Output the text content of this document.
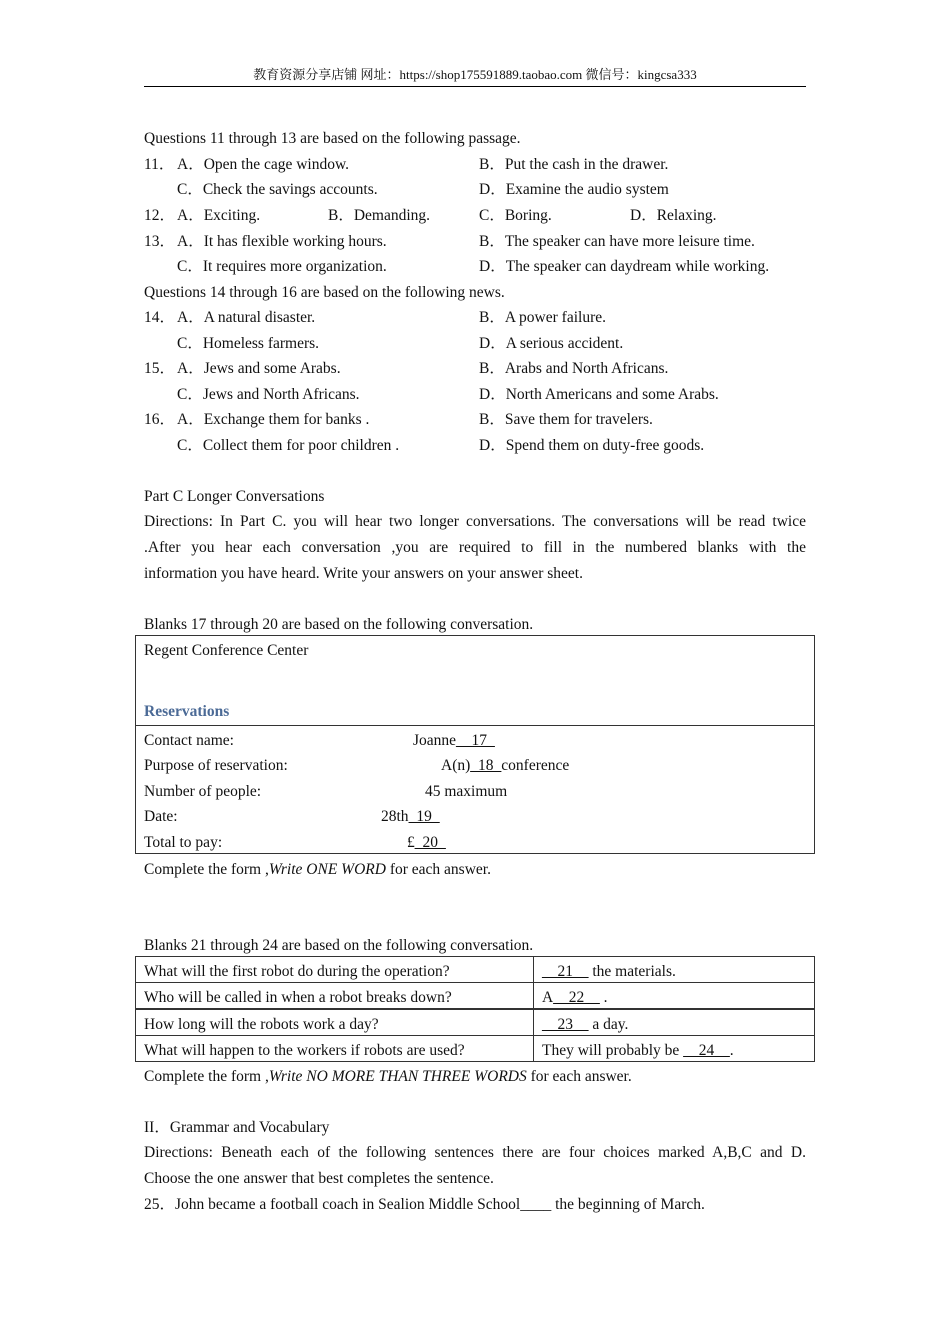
教育资源分享店铺 网址：https://shop175591889.taobao.com 微信号：kingcsa333
Questions 11 through 13 are based on the following passage.
11． A．Open the cage window.	B．Put the cash in the drawer.
C．Check the savings accounts.	D．Examine the audio system
12． A．Exciting.	B．Demanding.	C．Boring.	D．Relaxing.
13． A．It has flexible working hours.	B．The speaker can have more leisure time.
C．It requires more organization.	D．The speaker can daydream while working.
Questions 14 through 16 are based on the following news.
14． A．A natural disaster.	B．A power failure.
C．Homeless farmers.	D．A serious accident.
15． A．Jews and some Arabs.	B．Arabs and North Africans.
C．Jews and North Africans.	D．North Americans and some Arabs.
16． A．Exchange them for banks .	B．Save them for travelers.
C．Collect them for poor children .	D．Spend them on duty-free goods.
Part C Longer Conversations
Directions: In Part C. you will hear two longer conversations. The conversations will be read twice
.After you hear each conversation ,you are required to fill in the numbered blanks with the
information you have heard. Write your answers on your answer sheet.
Blanks 17 through 20 are based on the following conversation.
Regent Conference Center
Reservations
Contact name:	Joanne__17_
Purpose of reservation:	A(n)_18_conference
Number of people:	45 maximum
Date:	28th_19_
Total to pay:	£_20_
Complete the form ,Write ONE WORD for each answer.
Blanks 21 through 24 are based on the following conversation.
What will the first robot do during the operation?	__21__ the materials.
Who will be called in when a robot breaks down?	A__22__ .
How long will the robots work a day?	__23__ a day.
What will happen to the workers if robots are used?	They will probably be __24__.
Complete the form ,Write NO MORE THAN THREE WORDS for each answer.
II．Grammar and Vocabulary
Directions: Beneath each of the following sentences there are four choices marked A,B,C and D.
Choose the one answer that best completes the sentence.
25．John became a football coach in Sealion Middle School____ the beginning of March.
